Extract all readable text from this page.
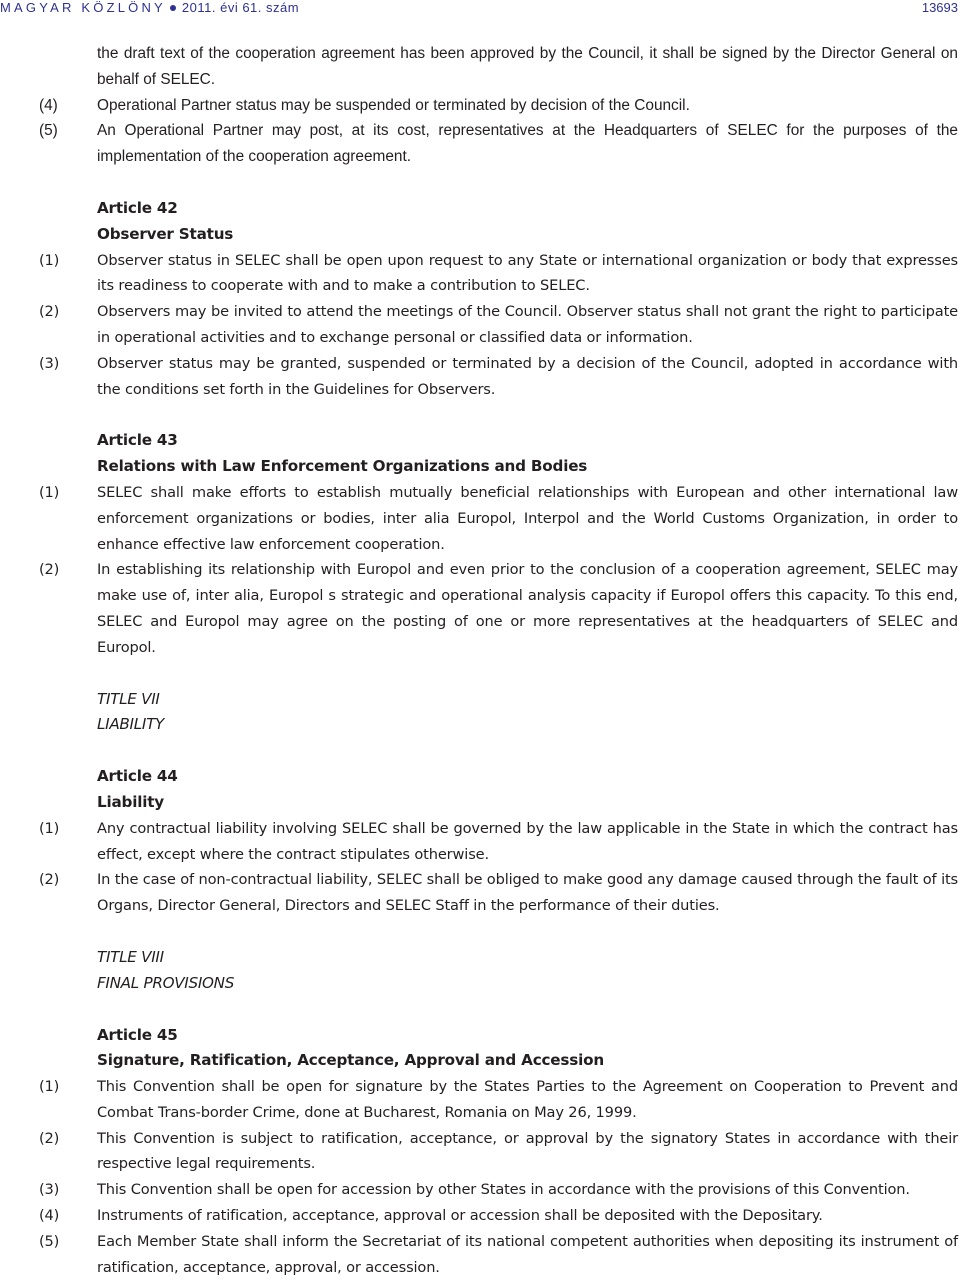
MAGYAR KÖZLÖNY 2011. évi 61. szám	13693
the draft text of the cooperation agreement has been approved by the Council, it shall be signed by the Director General on behalf of SELEC.
(4)	Operational Partner status may be suspended or terminated by decision of the Council.
(5)	An Operational Partner may post, at its cost, representatives at the Headquarters of SELEC for the purposes of the implementation of the cooperation agreement.
Article 42
Observer Status
(1)	Observer status in SELEC shall be open upon request to any State or international organization or body that expresses its readiness to cooperate with and to make a contribution to SELEC.
(2)	Observers may be invited to attend the meetings of the Council. Observer status shall not grant the right to participate in operational activities and to exchange personal or classified data or information.
(3)	Observer status may be granted, suspended or terminated by a decision of the Council, adopted in accordance with the conditions set forth in the Guidelines for Observers.
Article 43
Relations with Law Enforcement Organizations and Bodies
(1)	SELEC shall make efforts to establish mutually beneficial relationships with European and other international law enforcement organizations or bodies, inter alia Europol, Interpol and the World Customs Organization, in order to enhance effective law enforcement cooperation.
(2)	In establishing its relationship with Europol and even prior to the conclusion of a cooperation agreement, SELEC may make use of, inter alia, Europol s strategic and operational analysis capacity if Europol offers this capacity. To this end, SELEC and Europol may agree on the posting of one or more representatives at the headquarters of SELEC and Europol.
TITLE VII
LIABILITY
Article 44
Liability
(1)	Any contractual liability involving SELEC shall be governed by the law applicable in the State in which the contract has effect, except where the contract stipulates otherwise.
(2)	In the case of non-contractual liability, SELEC shall be obliged to make good any damage caused through the fault of its Organs, Director General, Directors and SELEC Staff in the performance of their duties.
TITLE VIII
FINAL PROVISIONS
Article 45
Signature, Ratification, Acceptance, Approval and Accession
(1)	This Convention shall be open for signature by the States Parties to the Agreement on Cooperation to Prevent and Combat Trans-border Crime, done at Bucharest, Romania on May 26, 1999.
(2)	This Convention is subject to ratification, acceptance, or approval by the signatory States in accordance with their respective legal requirements.
(3)	This Convention shall be open for accession by other States in accordance with the provisions of this Convention.
(4)	Instruments of ratification, acceptance, approval or accession shall be deposited with the Depositary.
(5)	Each Member State shall inform the Secretariat of its national competent authorities when depositing its instrument of ratification, acceptance, approval, or accession.
